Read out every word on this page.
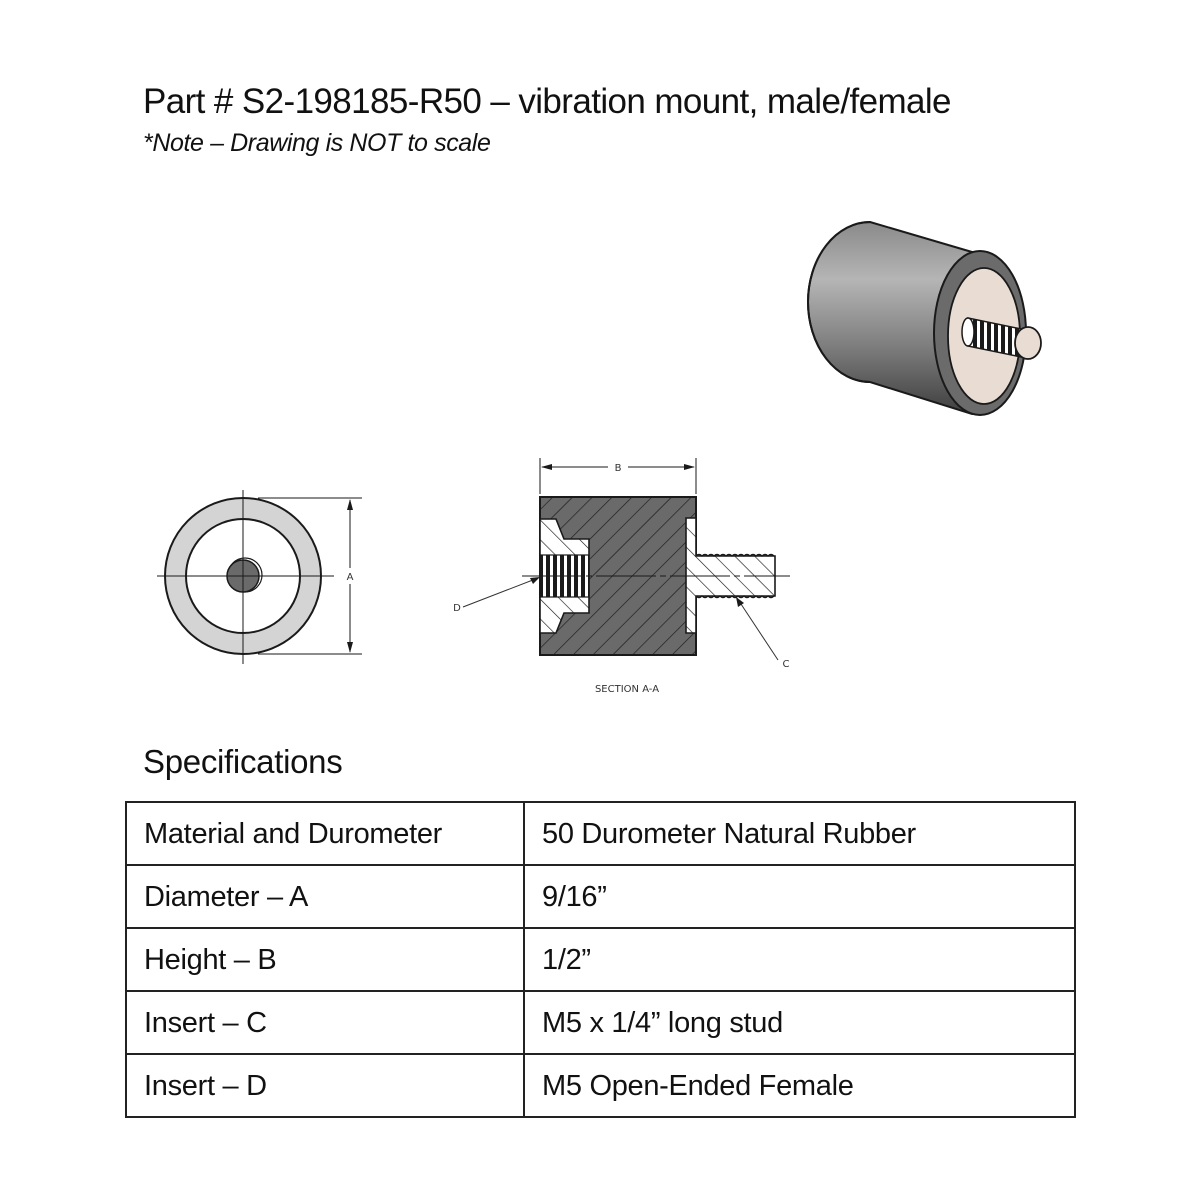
Part # S2-198185-R50 – vibration mount, male/female
*Note – Drawing is NOT to scale
A
B
D
C
SECTION A-A
Specifications
Material and Durometer	50 Durometer Natural Rubber
Diameter – A	9/16”
Height – B	1/2”
Insert – C	M5 x 1/4” long stud
Insert – D	M5 Open-Ended Female
